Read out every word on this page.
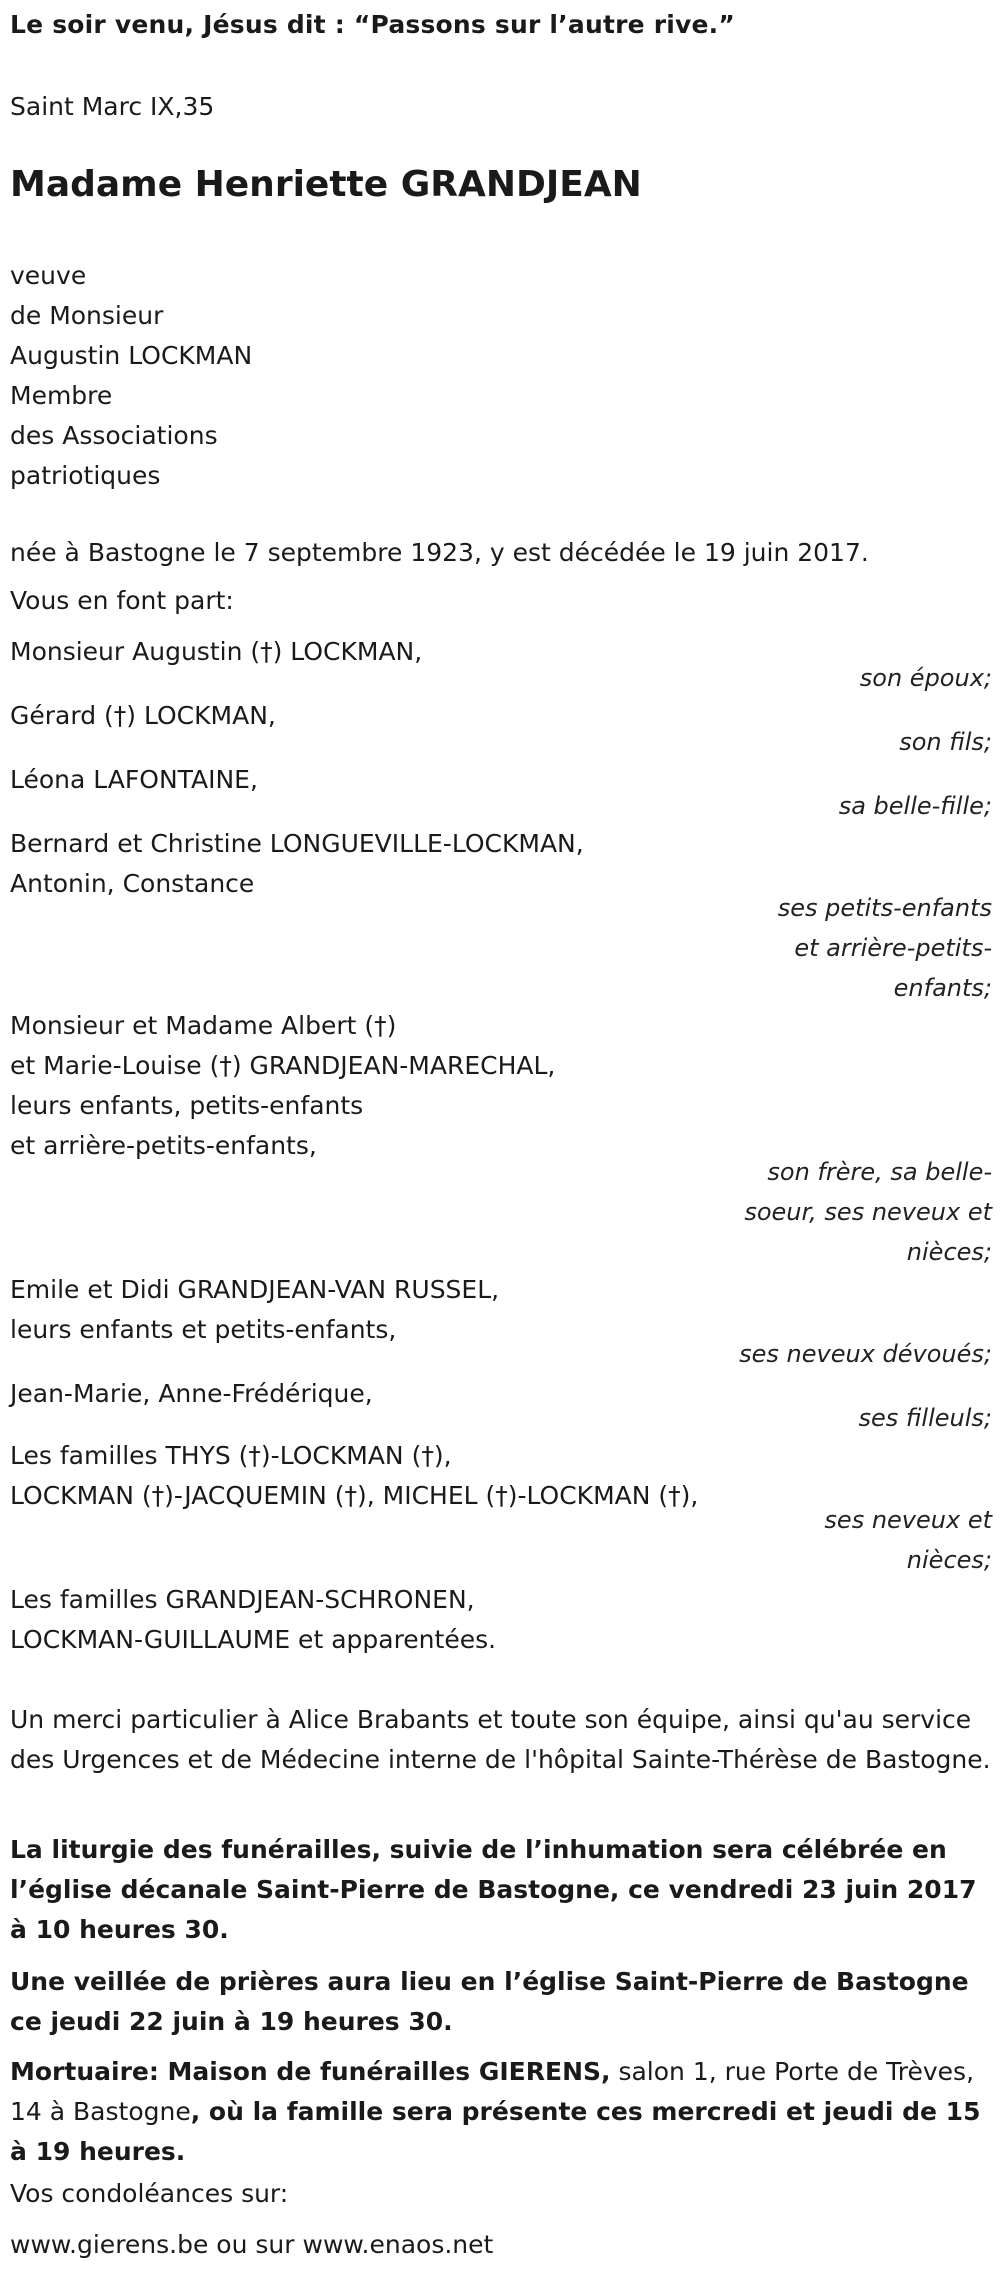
Le soir venu, Jésus dit : “Passons sur l’autre rive.”

Saint Marc IX,35

Madame Henriette GRANDJEAN
veuve
de Monsieur
Augustin LOCKMAN
Membre
des Associations
patriotiques

née à Bastogne le 7 septembre 1923, y est décédée le 19 juin 2017.

Vous en font part:

Monsieur Augustin (†) LOCKMAN,
son époux;
Gérard (†) LOCKMAN,
son fils;
Léona LAFONTAINE,
sa belle-fille;
Bernard et Christine LONGUEVILLE-LOCKMAN,
Antonin, Constance
ses petits-enfants
et arrière-petits-
enfants;
Monsieur et Madame Albert (†)
et Marie-Louise (†) GRANDJEAN-MARECHAL,
leurs enfants, petits-enfants
et arrière-petits-enfants,
son frère, sa belle-
soeur, ses neveux et
nièces;
Emile et Didi GRANDJEAN-VAN RUSSEL,
leurs enfants et petits-enfants,
ses neveux dévoués;
Jean-Marie, Anne-Frédérique,
ses filleuls;
Les familles THYS (†)-LOCKMAN (†),
LOCKMAN (†)-JACQUEMIN (†), MICHEL (†)-LOCKMAN (†),
ses neveux et
nièces;
Les familles GRANDJEAN-SCHRONEN,
LOCKMAN-GUILLAUME et apparentées.

Un merci particulier à Alice Brabants et toute son équipe, ainsi qu'au service des Urgences et de Médecine interne de l'hôpital Sainte-Thérèse de Bastogne.

La liturgie des funérailles, suivie de l’inhumation sera célébrée en l’église décanale Saint-Pierre de Bastogne, ce vendredi 23 juin 2017 à 10 heures 30.

Une veillée de prières aura lieu en l’église Saint-Pierre de Bastogne ce jeudi 22 juin à 19 heures 30.

Mortuaire: Maison de funérailles GIERENS, salon 1, rue Porte de Trèves, 14 à Bastogne, où la famille sera présente ces mercredi et jeudi de 15 à 19 heures.

Vos condoléances sur:

www.gierens.be ou sur www.enaos.net
